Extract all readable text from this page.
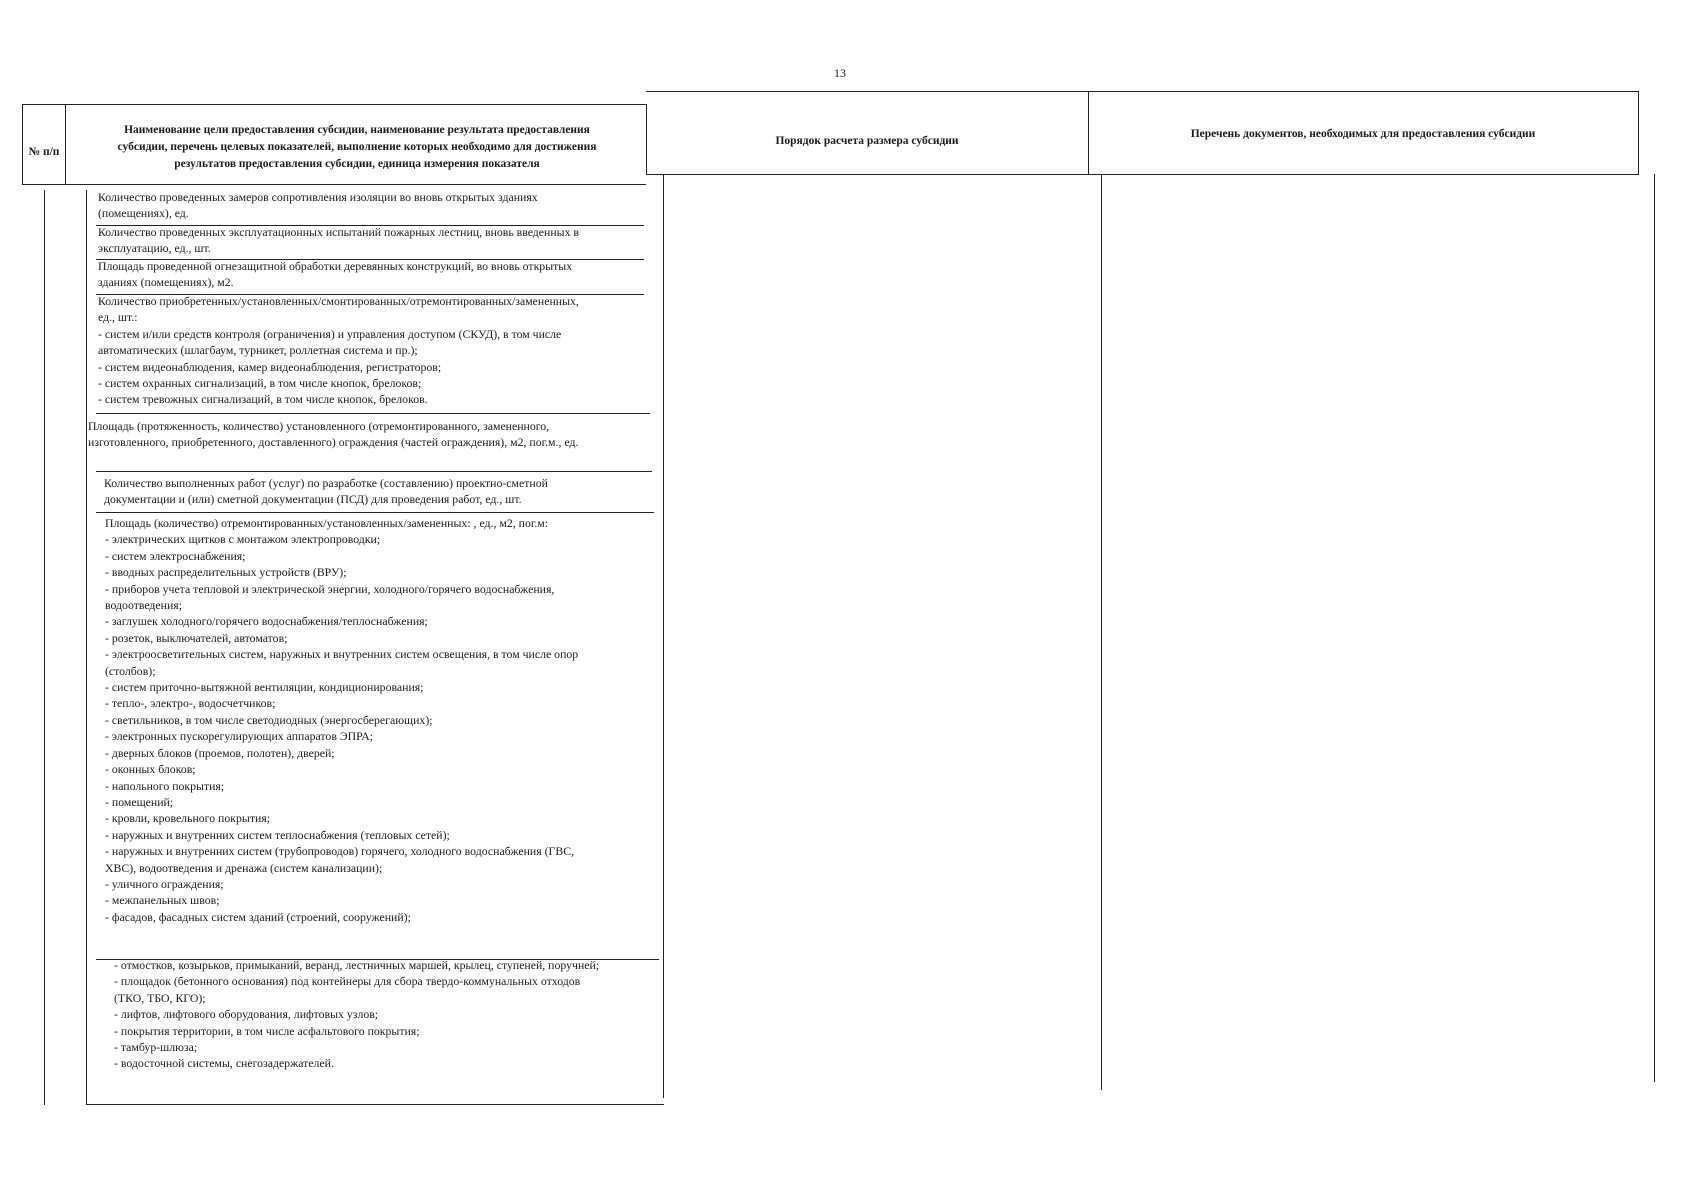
13
№ п/п
Наименование цели предоставления субсидии, наименование результата предоставления
субсидии, перечень целевых показателей, выполнение которых необходимо для достижения
результатов предоставления субсидии, единица измерения показателя
Порядок расчета размера субсидии
Перечень документов, необходимых для предоставления субсидии
Количество проведенных замеров сопротивления изоляции во вновь открытых зданиях
(помещениях), ед.
Количество проведенных эксплуатационных испытаний пожарных лестниц, вновь введенных в
эксплуатацию, ед., шт.
Площадь проведенной огнезащитной обработки деревянных конструкций, во вновь открытых
зданиях (помещениях), м2.
Количество приобретенных/установленных/смонтированных/отремонтированных/замененных,
ед., шт.:
- систем и/или средств контроля (ограничения) и управления доступом (СКУД), в том числе
автоматических (шлагбаум, турникет, роллетная система и пр.);
- систем видеонаблюдения, камер видеонаблюдения, регистраторов;
- систем охранных сигнализаций, в том числе кнопок, брелоков;
- систем тревожных сигнализаций, в том числе кнопок, брелоков.
Площадь (протяженность, количество) установленного (отремонтированного, замененного,
изготовленного, приобретенного, доставленного) ограждения (частей ограждения), м2, пог.м., ед.
Количество выполненных работ (услуг) по разработке (составлению) проектно-сметной
документации и (или) сметной документации (ПСД) для проведения работ, ед., шт.
Площадь (количество) отремонтированных/установленных/замененных: , ед., м2, пог.м:
- электрических щитков с монтажом электропроводки;
- систем электроснабжения;
- вводных распределительных устройств (ВРУ);
- приборов учета тепловой и электрической энергии, холодного/горячего водоснабжения,
водоотведения;
- заглушек холодного/горячего водоснабжения/теплоснабжения;
- розеток, выключателей, автоматов;
- электроосветительных систем, наружных и внутренних систем освещения, в том числе опор
(столбов);
- систем приточно-вытяжной вентиляции, кондиционирования;
- тепло-, электро-, водосчетчиков;
- светильников, в том числе светодиодных (энергосберегающих);
- электронных пускорегулирующих аппаратов ЭПРА;
- дверных блоков (проемов, полотен), дверей;
- оконных блоков;
- напольного покрытия;
- помещений;
- кровли, кровельного покрытия;
- наружных и внутренних систем теплоснабжения (тепловых сетей);
- наружных и внутренних систем (трубопроводов) горячего, холодного водоснабжения (ГВС,
ХВС), водоотведения и дренажа (систем канализации);
- уличного ограждения;
- межпанельных швов;
- фасадов, фасадных систем зданий (строений, сооружений);
- отмостков, козырьков, примыканий, веранд, лестничных маршей, крылец, ступеней, поручней;
- площадок (бетонного основания) под контейнеры для сбора твердо-коммунальных отходов
(ТКО, ТБО, КГО);
- лифтов, лифтового оборудования, лифтовых узлов;
- покрытия территории, в том числе асфальтового покрытия;
- тамбур-шлюза;
- водосточной системы, снегозадержателей.
